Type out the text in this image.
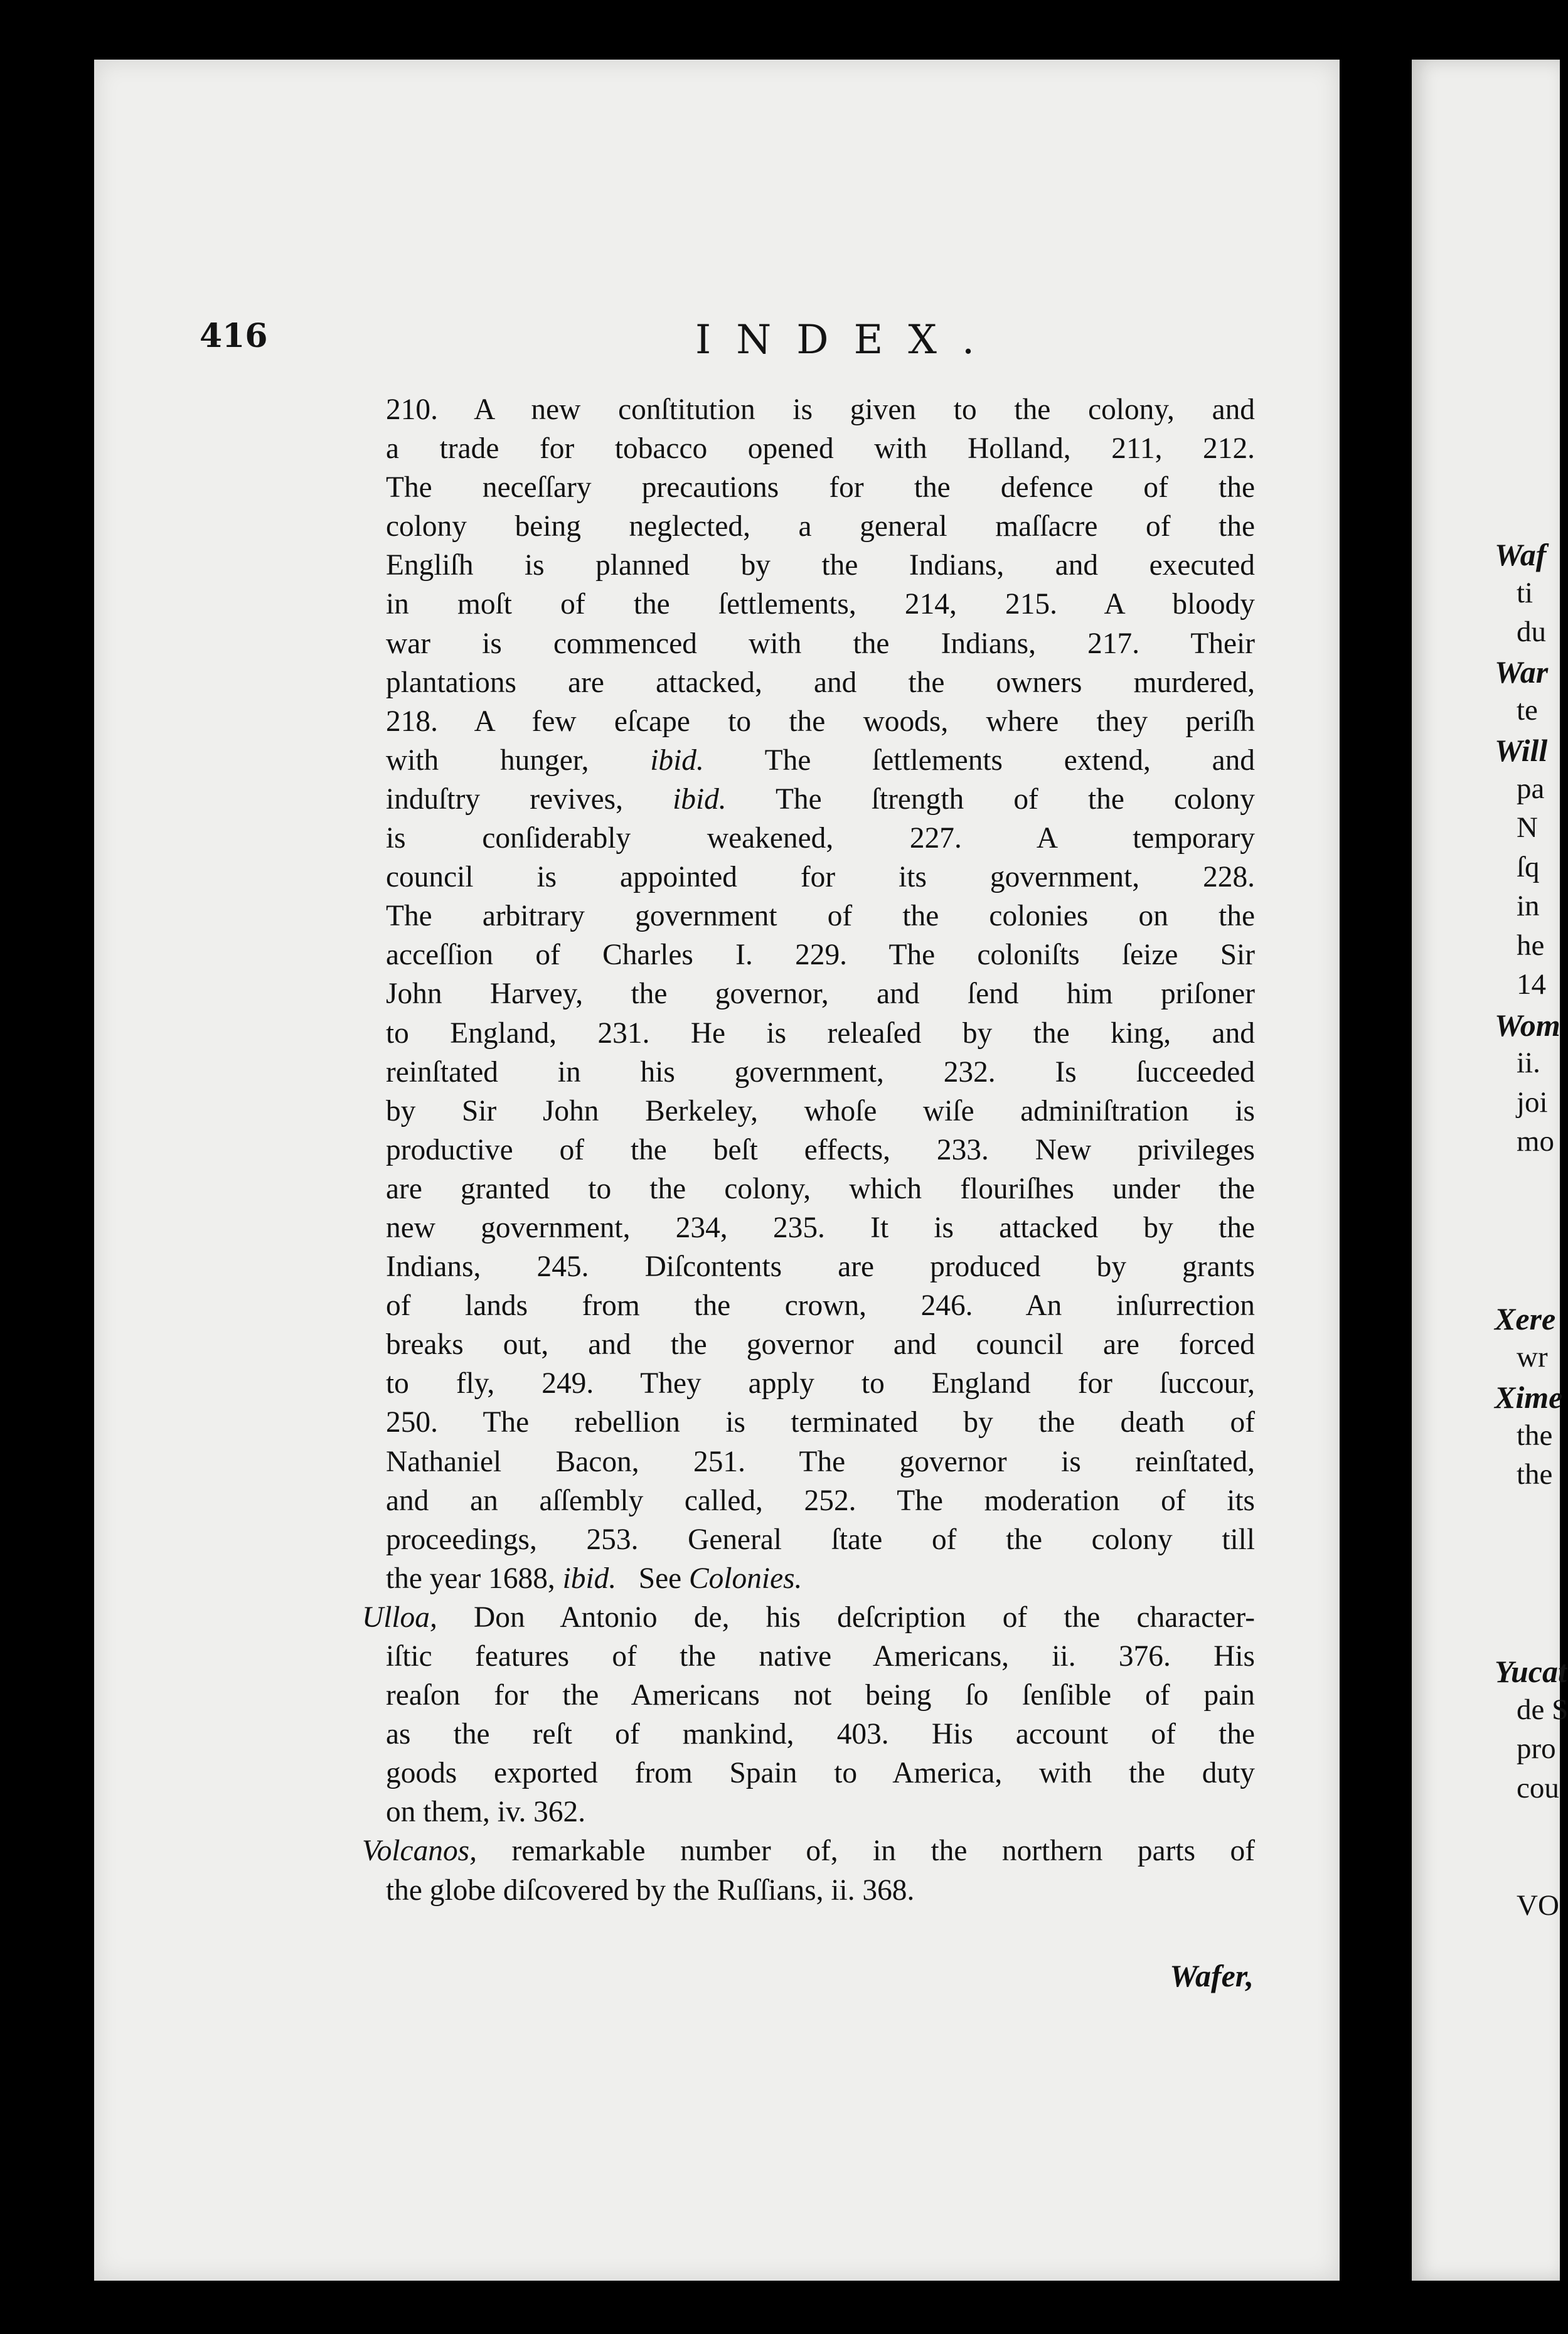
416	INDEX.
210. A new conſtitution is given to the colony, and
a trade for tobacco opened with Holland, 211, 212.
The neceſſary precautions for the defence of the
colony being neglected, a general maſſacre of the
Engliſh is planned by the Indians, and executed
in moſt of the ſettlements, 214, 215. A bloody
war is commenced with the Indians, 217. Their
plantations are attacked, and the owners murdered,
218. A few eſcape to the woods, where they periſh
with hunger, ibid. The ſettlements extend, and
induſtry revives, ibid. The ſtrength of the colony
is conſiderably weakened, 227. A temporary
council is appointed for its government, 228.
The arbitrary government of the colonies on the
acceſſion of Charles I. 229. The coloniſts ſeize Sir
John Harvey, the governor, and ſend him priſoner
to England, 231. He is releaſed by the king, and
reinſtated in his government, 232. Is ſucceeded
by Sir John Berkeley, whoſe wiſe adminiſtration is
productive of the beſt effects, 233. New privileges
are granted to the colony, which flouriſhes under the
new government, 234, 235. It is attacked by the
Indians, 245. Diſcontents are produced by grants
of lands from the crown, 246. An inſurrection
breaks out, and the governor and council are forced
to fly, 249. They apply to England for ſuccour,
250. The rebellion is terminated by the death of
Nathaniel Bacon, 251. The governor is reinſtated,
and an aſſembly called, 252. The moderation of its
proceedings, 253. General ſtate of the colony till
the year 1688, ibid. See Colonies.
Ulloa, Don Antonio de, his deſcription of the character-
iſtic features of the native Americans, ii. 376. His
reaſon for the Americans not being ſo ſenſible of pain
as the reſt of mankind, 403. His account of the
goods exported from Spain to America, with the duty
on them, iv. 362.
Volcanos, remarkable number of, in the northern parts of
the globe diſcovered by the Ruſſians, ii. 368.
Wafer,
Waf
ti
du
War
te
Will
pa
N
ſq
in
he
14
Wom
ii.
joi
mo
Xere
wr
Xime
the
the
Yucat
de S
pro
cou
VO
